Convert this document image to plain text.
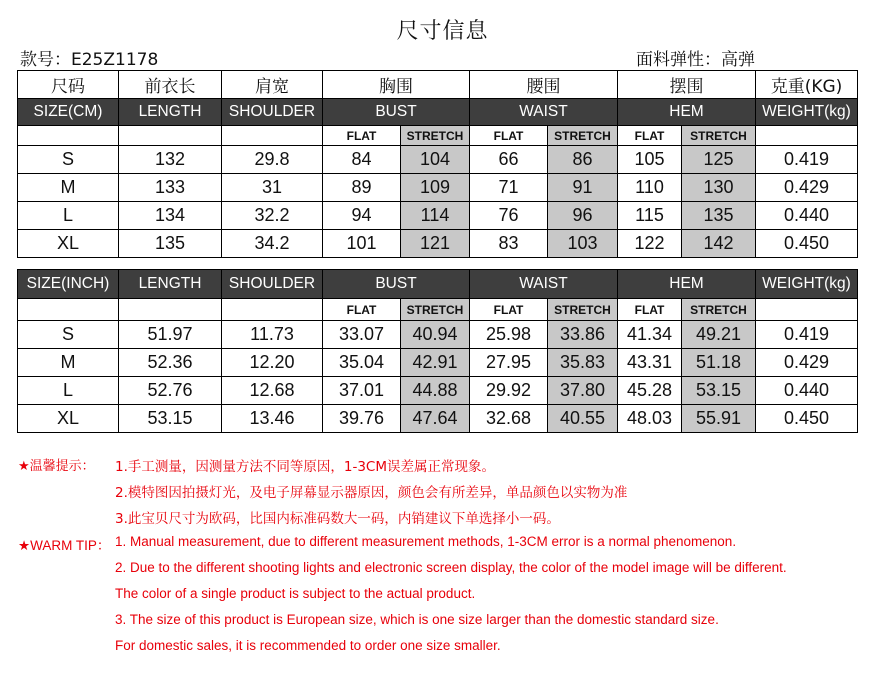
尺寸信息
款号：E25Z1178	面料弹性：高弹
尺码	前衣长	肩宽	胸围		腰围		摆围		克重(KG)
SIZE(CM)	LENGTH	SHOULDER	BUST		WAIST		HEM		WEIGHT(kg)
			FLAT	STRETCH	FLAT	STRETCH	FLAT	STRETCH	
S	132	29.8	84	104	66	86	105	125	0.419
M	133	31	89	109	71	91	110	130	0.429
L	134	32.2	94	114	76	96	115	135	0.440
XL	135	34.2	101	121	83	103	122	142	0.450
SIZE(INCH)	LENGTH	SHOULDER	BUST		WAIST		HEM		WEIGHT(kg)
			FLAT	STRETCH	FLAT	STRETCH	FLAT	STRETCH	
S	51.97	11.73	33.07	40.94	25.98	33.86	41.34	49.21	0.419
M	52.36	12.20	35.04	42.91	27.95	35.83	43.31	51.18	0.429
L	52.76	12.68	37.01	44.88	29.92	37.80	45.28	53.15	0.440
XL	53.15	13.46	39.76	47.64	32.68	40.55	48.03	55.91	0.450
★温馨提示： 1.手工测量，因测量方法不同等原因，1-3CM误差属正常现象。
2.模特图因拍摄灯光，及电子屏幕显示器原因，颜色会有所差异，单品颜色以实物为准
3.此宝贝尺寸为欧码，比国内标准码数大一码，内销建议下单选择小一码。
★WARM TIP： 1. Manual measurement, due to different measurement methods, 1-3CM error is a normal phenomenon.
2. Due to the different shooting lights and electronic screen display, the color of the model image will be different.
The color of a single product is subject to the actual product.
3. The size of this product is European size, which is one size larger than the domestic standard size.
For domestic sales, it is recommended to order one size smaller.
